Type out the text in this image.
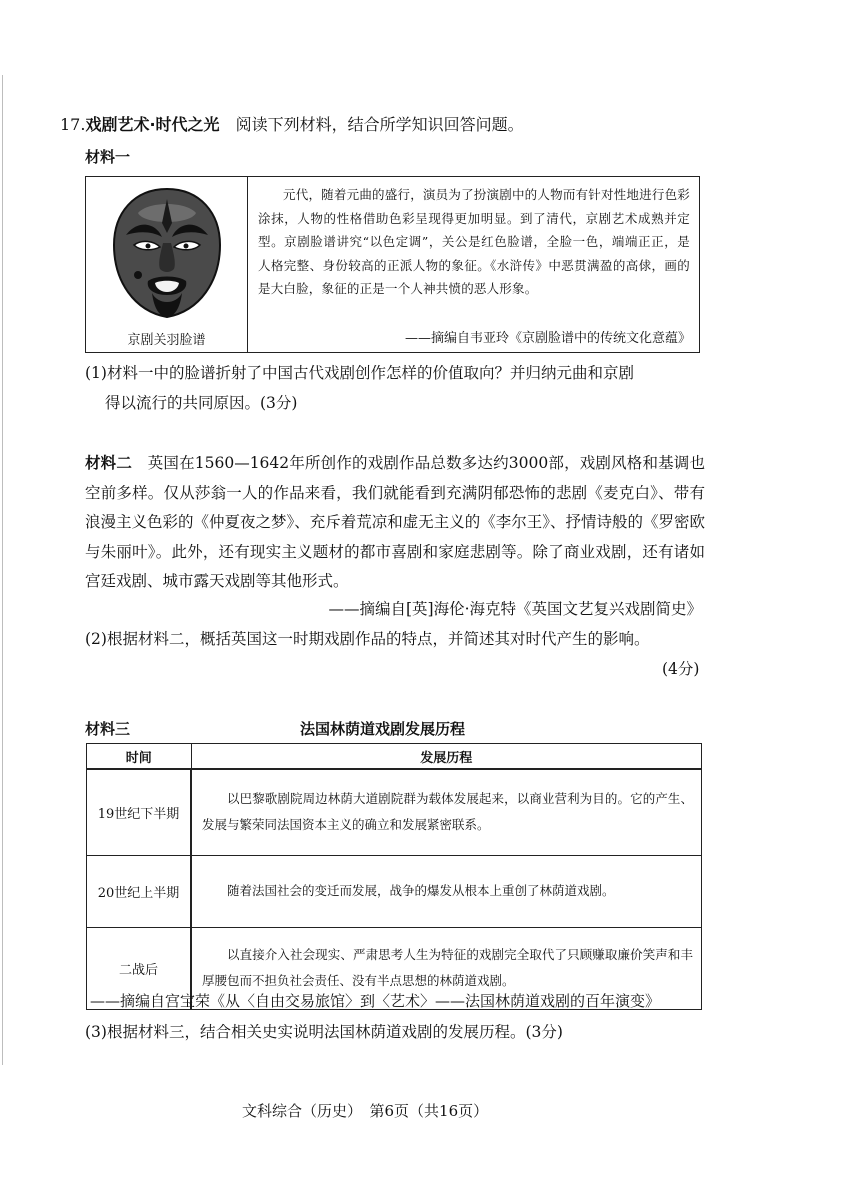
17.戏剧艺术·时代之光　 阅读下列材料，结合所学知识回答问题。
材料一
京剧关羽脸谱
元代，随着元曲的盛行，演员为了扮演剧中的人物而有针对性地进行色彩涂抹，人物的性格借助色彩呈现得更加明显。到了清代，京剧艺术成熟并定型。京剧脸谱讲究“以色定调”，关公是红色脸谱，全脸一色，端端正正，是人格完整、身份较高的正派人物的象征。《水浒传》中恶贯满盈的高俅，画的是大白脸，象征的正是一个人神共愤的恶人形象。
——摘编自韦亚玲《京剧脸谱中的传统文化意蕴》
(1)材料一中的脸谱折射了中国古代戏剧创作怎样的价值取向？并归纳元曲和京剧
得以流行的共同原因。(3分)
材料二　 英国在1560—1642年所创作的戏剧作品总数多达约3000部，戏剧风格和基调也空前多样。仅从莎翁一人的作品来看，我们就能看到充满阴郁恐怖的悲剧《麦克白》、带有浪漫主义色彩的《仲夏夜之梦》、充斥着荒凉和虚无主义的《李尔王》、抒情诗般的《罗密欧与朱丽叶》。此外，还有现实主义题材的都市喜剧和家庭悲剧等。除了商业戏剧，还有诸如宫廷戏剧、城市露天戏剧等其他形式。
——摘编自[英]海伦·海克特《英国文艺复兴戏剧简史》
(2)根据材料二，概括英国这一时期戏剧作品的特点，并简述其对时代产生的影响。
(4分)
材料三	法国林荫道戏剧发展历程
时间	发展历程
19世纪下半期	以巴黎歌剧院周边林荫大道剧院群为载体发展起来，以商业营利为目的。它的产生、发展与繁荣同法国资本主义的确立和发展紧密联系。
20世纪上半期	随着法国社会的变迁而发展，战争的爆发从根本上重创了林荫道戏剧。
二战后	以直接介入社会现实、严肃思考人生为特征的戏剧完全取代了只顾赚取廉价笑声和丰厚腰包而不担负社会责任、没有半点思想的林荫道戏剧。
——摘编自宫宝荣《从〈自由交易旅馆〉到〈艺术〉——法国林荫道戏剧的百年演变》
(3)根据材料三，结合相关史实说明法国林荫道戏剧的发展历程。(3分)
文科综合（历史）　第6页（共16页）
